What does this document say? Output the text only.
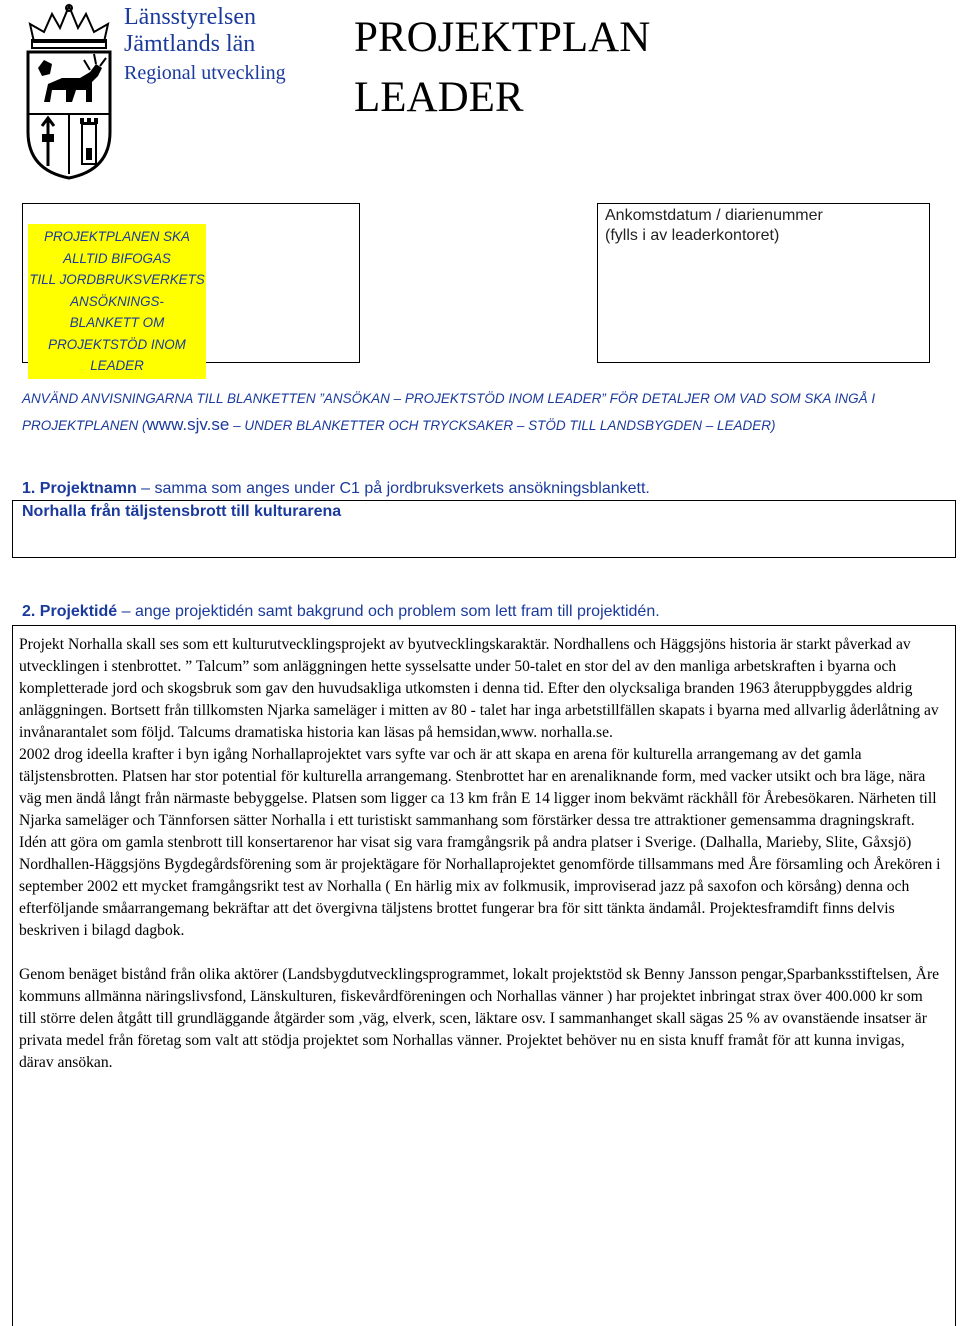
Länsstyrelsen
Jämtlands län
Regional utveckling
PROJEKTPLAN
LEADER
PROJEKTPLANEN SKA ALLTID BIFOGAS
TILL JORDBRUKSVERKETS ANSÖKNINGS-
BLANKETT OM PROJEKTSTÖD INOM
LEADER
Ankomstdatum / diarienummer
(fylls i av leaderkontoret)
ANVÄND ANVISNINGARNA TILL BLANKETTEN ”ANSÖKAN – PROJEKTSTÖD INOM LEADER” FÖR DETALJER OM VAD SOM SKA INGÅ I PROJEKTPLANEN (www.sjv.se – UNDER BLANKETTER OCH TRYCKSAKER – STÖD TILL LANDSBYGDEN – LEADER)
1. Projektnamn – samma som anges under C1 på jordbruksverkets ansökningsblankett.
Norhalla från täljstensbrott till kulturarena
2. Projektidé – ange projektidén samt bakgrund och problem som lett fram till projektidén.

Projekt Norhalla skall ses som ett kulturutvecklingsprojekt av byutvecklingskaraktär. Nordhallens och Häggsjöns historia är starkt påverkad av utvecklingen i stenbrottet. ” Talcum” som anläggningen hette sysselsatte under 50-talet en stor del av den manliga arbetskraften i byarna och kompletterade jord och skogsbruk som gav den huvudsakliga utkomsten i denna tid. Efter den olycksaliga branden 1963 återuppbyggdes aldrig anläggningen. Bortsett från tillkomsten Njarka sameläger i mitten av 80 - talet har inga arbetstillfällen skapats i byarna med allvarlig åderlåtning av invånarantalet som följd. Talcums dramatiska historia kan läsas på hemsidan,www. norhalla.se.

2002 drog ideella krafter i byn igång Norhallaprojektet vars syfte var och är att skapa en arena för kulturella arrangemang av det gamla täljstensbrotten. Platsen har stor potential för kulturella arrangemang. Stenbrottet har en arenaliknande form, med vacker utsikt och bra läge, nära väg men ändå långt från närmaste bebyggelse. Platsen som ligger ca 13 km från E 14 ligger inom bekvämt räckhåll för Årebesökaren. Närheten till Njarka sameläger och Tännforsen sätter Norhalla i ett turistiskt sammanhang som förstärker dessa tre attraktioner gemensamma dragningskraft. Idén att göra om gamla stenbrott till konsertarenor har visat sig vara framgångsrik på andra platser i Sverige. (Dalhalla, Marieby, Slite, Gåxsjö) Nordhallen-Häggsjöns Bygdegårdsförening som är projektägare för Norhallaprojektet genomförde tillsammans med Åre församling och Årekören i september 2002 ett mycket framgångsrikt test av Norhalla ( En härlig mix av folkmusik, improviserad jazz på saxofon och körsång) denna och efterföljande småarrangemang bekräftar att det övergivna täljstens brottet fungerar bra för sitt tänkta ändamål. Projektesframdift finns delvis beskriven i bilagd dagbok.

Genom benäget bistånd från olika aktörer (Landsbygdutvecklingsprogrammet, lokalt projektstöd sk Benny Jansson pengar,Sparbanksstiftelsen, Åre kommuns allmänna näringslivsfond, Länskulturen, fiskevårdföreningen och Norhallas vänner ) har projektet inbringat strax över 400.000 kr som till större delen åtgått till grundläggande åtgärder som ,väg, elverk, scen, läktare osv. I sammanhanget skall sägas 25 % av ovanstäende insatser är privata medel från företag som valt att stödja projektet som Norhallas vänner. Projektet behöver nu en sista knuff framåt för att kunna invigas, därav ansökan.
